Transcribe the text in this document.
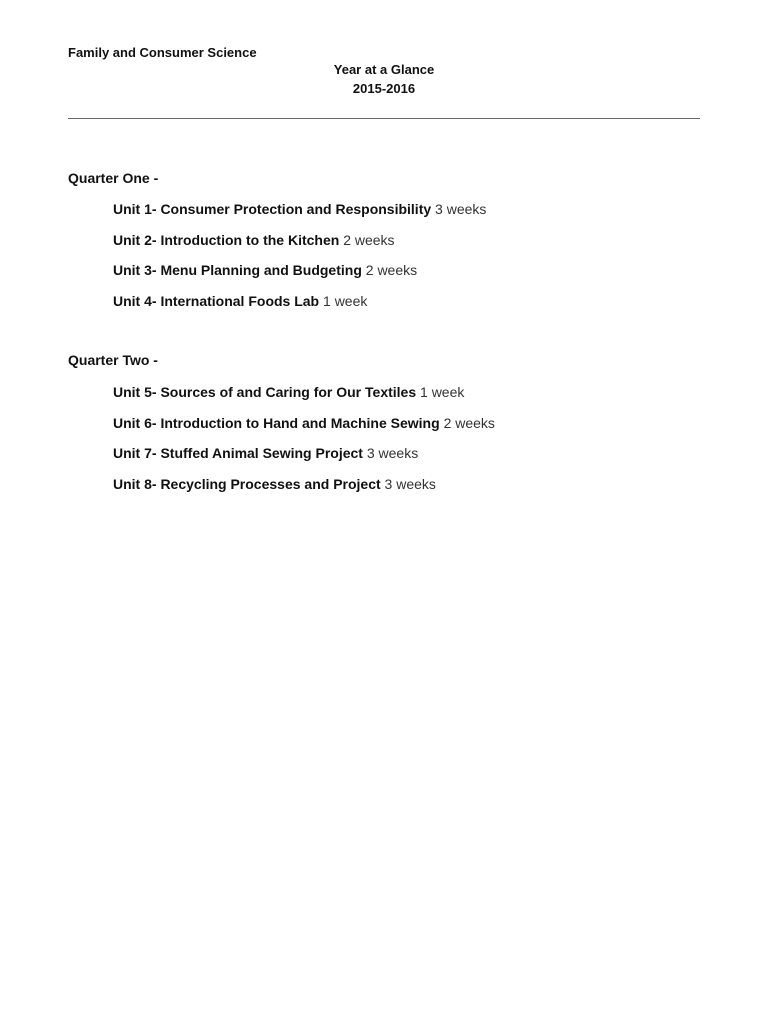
Family and Consumer Science
Year at a Glance
2015-2016
Quarter One -
Unit 1- Consumer Protection and Responsibility 3 weeks
Unit 2- Introduction to the Kitchen 2 weeks
Unit 3- Menu Planning and Budgeting 2 weeks
Unit 4- International Foods Lab 1 week
Quarter Two -
Unit 5- Sources of and Caring for Our Textiles 1 week
Unit 6- Introduction to Hand and Machine Sewing 2 weeks
Unit 7- Stuffed Animal Sewing Project 3 weeks
Unit 8- Recycling Processes and Project 3 weeks
